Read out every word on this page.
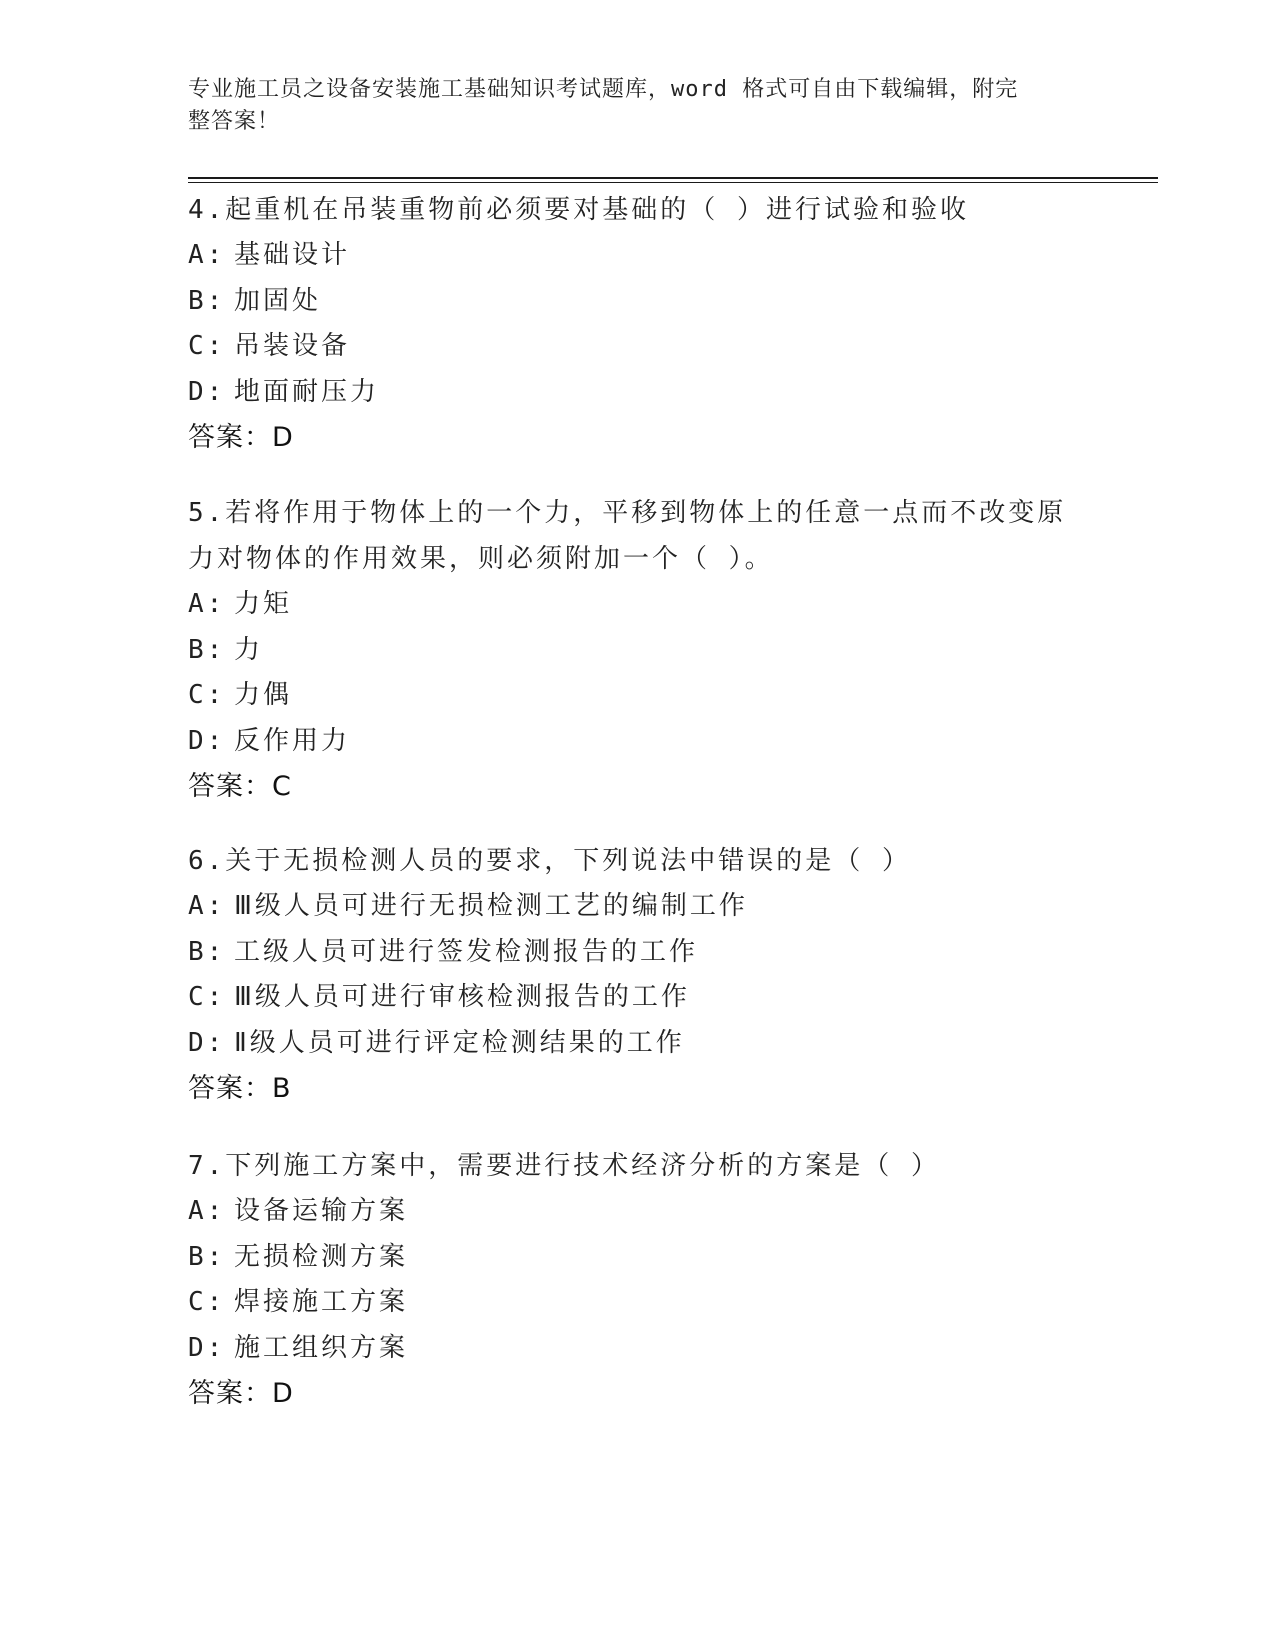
专业施工员之设备安装施工基础知识考试题库，word 格式可自由下载编辑，附完
整答案！
4.起重机在吊装重物前必须要对基础的（ ）进行试验和验收
A: 基础设计
B: 加固处
C: 吊装设备
D: 地面耐压力
答案：D
5.若将作用于物体上的一个力，平移到物体上的任意一点而不改变原
力对物体的作用效果，则必须附加一个（ ）。
A: 力矩
B: 力
C: 力偶
D: 反作用力
答案：C
6.关于无损检测人员的要求，下列说法中错误的是（ ）
A: Ⅲ级人员可进行无损检测工艺的编制工作
B: 工级人员可进行签发检测报告的工作
C: Ⅲ级人员可进行审核检测报告的工作
D: Ⅱ级人员可进行评定检测结果的工作
答案：B
7.下列施工方案中，需要进行技术经济分析的方案是（ ）
A: 设备运输方案
B: 无损检测方案
C: 焊接施工方案
D: 施工组织方案
答案：D
